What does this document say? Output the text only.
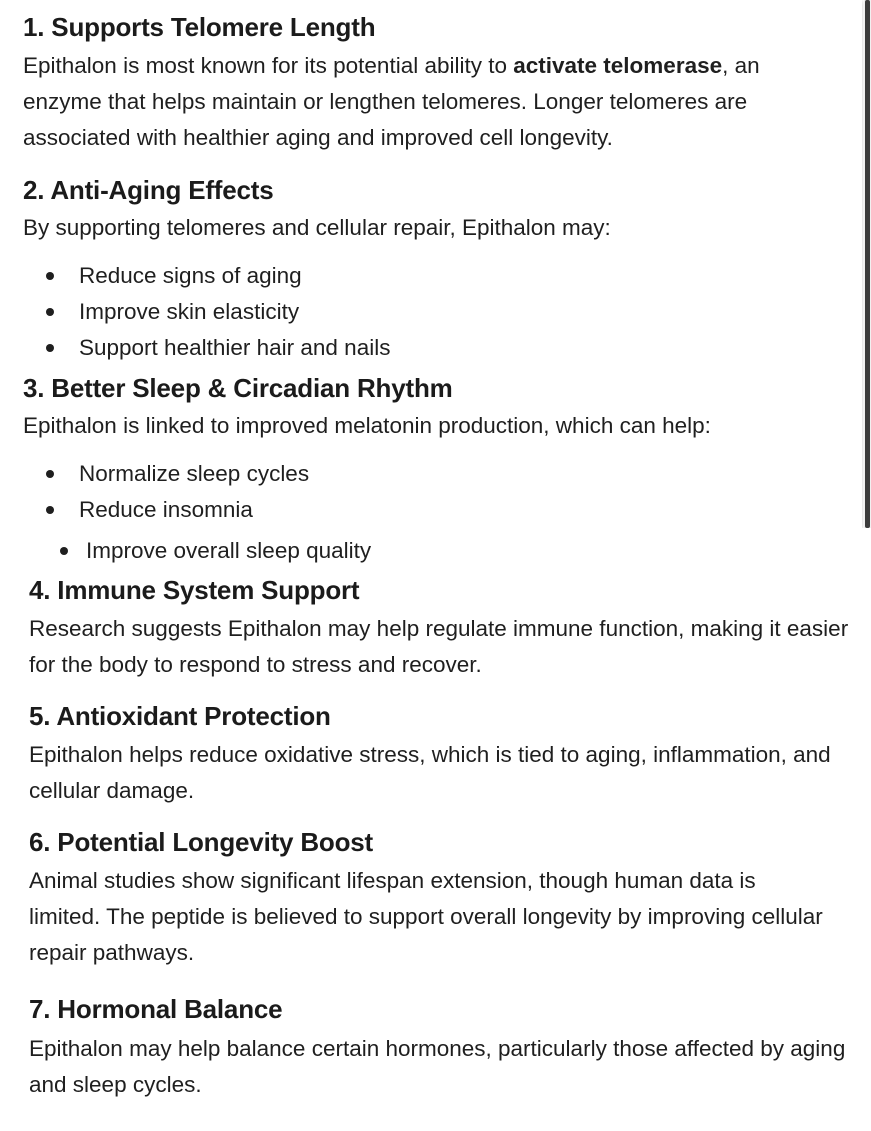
1. Supports Telomere Length

Epithalon is most known for its potential ability to activate telomerase, an enzyme that helps maintain or lengthen telomeres. Longer telomeres are associated with healthier aging and improved cell longevity.

2. Anti-Aging Effects

By supporting telomeres and cellular repair, Epithalon may:

Reduce signs of aging
Improve skin elasticity
Support healthier hair and nails
3. Better Sleep & Circadian Rhythm

Epithalon is linked to improved melatonin production, which can help:

Normalize sleep cycles
Reduce insomnia
Improve overall sleep quality
4. Immune System Support

Research suggests Epithalon may help regulate immune function, making it easier for the body to respond to stress and recover.

5. Antioxidant Protection

Epithalon helps reduce oxidative stress, which is tied to aging, inflammation, and cellular damage.

6. Potential Longevity Boost

Animal studies show significant lifespan extension, though human data is limited. The peptide is believed to support overall longevity by improving cellular repair pathways.

7. Hormonal Balance

Epithalon may help balance certain hormones, particularly those affected by aging and sleep cycles.
